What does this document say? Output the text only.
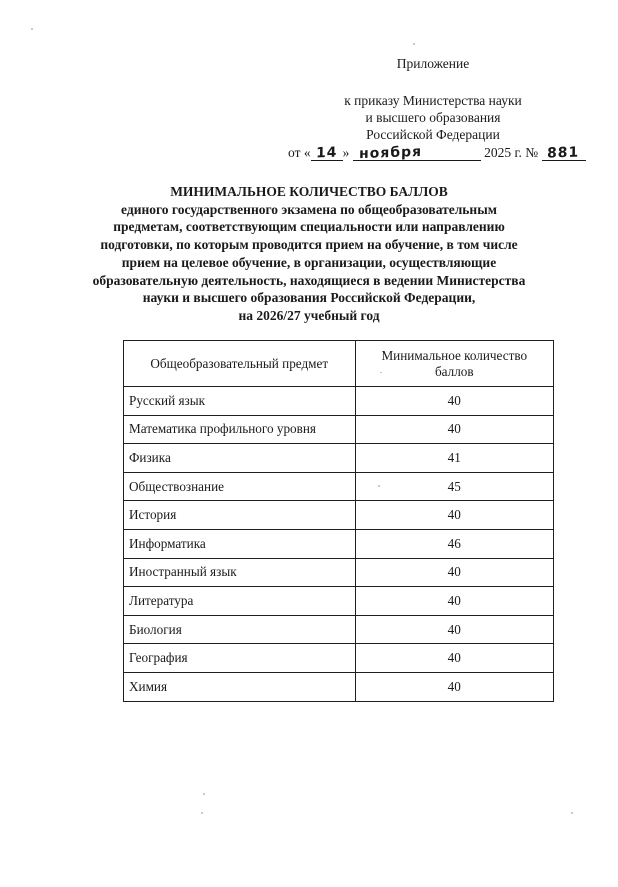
Приложение
к приказу Министерства науки
и высшего образования
Российской Федерации
от « 14 » ноября	2025 г. № 881
МИНИМАЛЬНОЕ КОЛИЧЕСТВО БАЛЛОВ
единого государственного экзамена по общеобразовательным
предметам, соответствующим специальности или направлению
подготовки, по которым проводится прием на обучение, в том числе
прием на целевое обучение, в организации, осуществляющие
образовательную деятельность, находящиеся в ведении Министерства
науки и высшего образования Российской Федерации,
на 2026/27 учебный год
Общеобразовательный предмет	Минимальное количество баллов
Русский язык	40
Математика профильного уровня	40
Физика	41
Обществознание	45
История	40
Информатика	46
Иностранный язык	40
Литература	40
Биология	40
География	40
Химия	40
